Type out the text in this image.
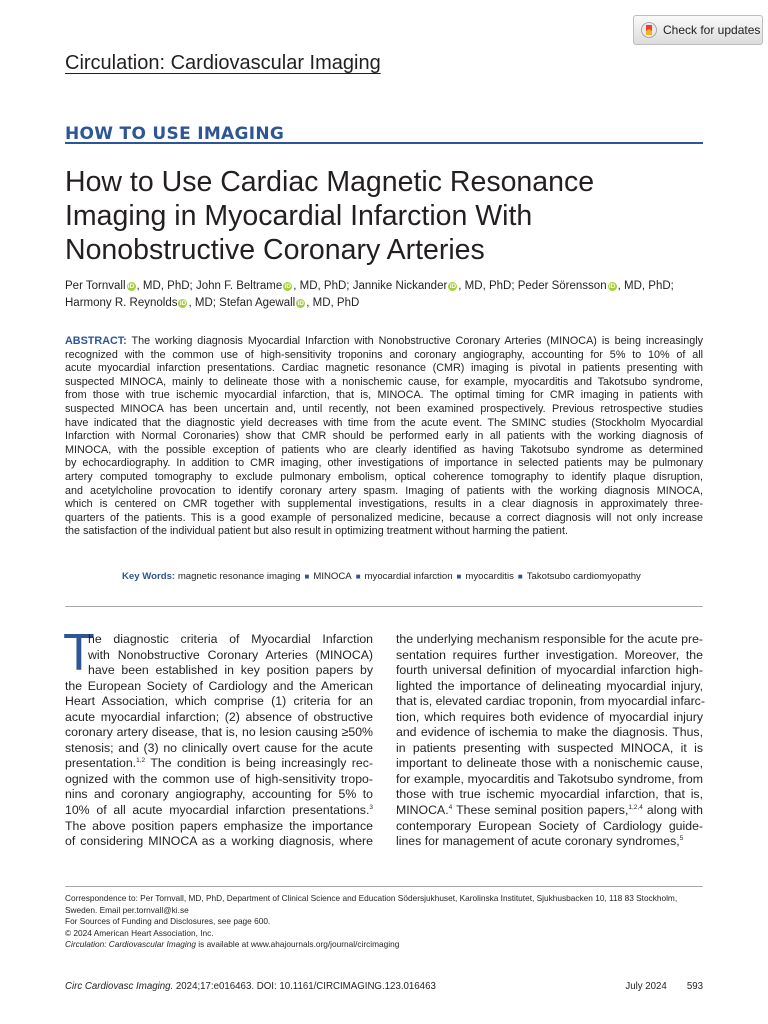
Check for updates
Circulation: Cardiovascular Imaging
HOW TO USE IMAGING
How to Use Cardiac Magnetic Resonance
Imaging in Myocardial Infarction With
Nonobstructive Coronary Arteries
Per Tornvall iD , MD, PhD; John F. Beltrame iD , MD, PhD; Jannike Nickander iD , MD, PhD; Peder Sörensson iD , MD, PhD;
Harmony R. Reynolds iD , MD; Stefan Agewall iD , MD, PhD
ABSTRACT: The working diagnosis Myocardial Infarction with Nonobstructive Coronary Arteries (MINOCA) is being increasingly
recognized with the common use of high-sensitivity troponins and coronary angiography, accounting for 5% to 10% of all
acute myocardial infarction presentations. Cardiac magnetic resonance (CMR) imaging is pivotal in patients presenting with
suspected MINOCA, mainly to delineate those with a nonischemic cause, for example, myocarditis and Takotsubo syndrome,
from those with true ischemic myocardial infarction, that is, MINOCA. The optimal timing for CMR imaging in patients with
suspected MINOCA has been uncertain and, until recently, not been examined prospectively. Previous retrospective studies
have indicated that the diagnostic yield decreases with time from the acute event. The SMINC studies (Stockholm Myocardial
Infarction with Normal Coronaries) show that CMR should be performed early in all patients with the working diagnosis of
MINOCA, with the possible exception of patients who are clearly identified as having Takotsubo syndrome as determined
by echocardiography. In addition to CMR imaging, other investigations of importance in selected patients may be pulmonary
artery computed tomography to exclude pulmonary embolism, optical coherence tomography to identify plaque disruption,
and acetylcholine provocation to identify coronary artery spasm. Imaging of patients with the working diagnosis MINOCA,
which is centered on CMR together with supplemental investigations, results in a clear diagnosis in approximately three-
quarters of the patients. This is a good example of personalized medicine, because a correct diagnosis will not only increase
the satisfaction of the individual patient but also result in optimizing treatment without harming the patient.
Key Words: magnetic resonance imaging ■ MINOCA ■ myocardial infarction ■ myocarditis ■ Takotsubo cardiomyopathy
T
he diagnostic criteria of Myocardial Infarction
with Nonobstructive Coronary Arteries (MINOCA)
have been established in key position papers by
the European Society of Cardiology and the American
Heart Association, which comprise (1) criteria for an
acute myocardial infarction; (2) absence of obstructive
coronary artery disease, that is, no lesion causing ≥50%
stenosis; and (3) no clinically overt cause for the acute
presentation.$^{1,2}$ The condition is being increasingly rec-
ognized with the common use of high-sensitivity tropo-
nins and coronary angiography, accounting for 5% to
10% of all acute myocardial infarction presentations.$^3$
The above position papers emphasize the importance
of considering MINOCA as a working diagnosis, where
the underlying mechanism responsible for the acute pre-
sentation requires further investigation. Moreover, the
fourth universal definition of myocardial infarction high-
lighted the importance of delineating myocardial injury,
that is, elevated cardiac troponin, from myocardial infarc-
tion, which requires both evidence of myocardial injury
and evidence of ischemia to make the diagnosis. Thus,
in patients presenting with suspected MINOCA, it is
important to delineate those with a nonischemic cause,
for example, myocarditis and Takotsubo syndrome, from
those with true ischemic myocardial infarction, that is,
MINOCA.$^4$ These seminal position papers,$^{1,2,4}$ along with
contemporary European Society of Cardiology guide-
lines for management of acute coronary syndromes,$^5$
Correspondence to: Per Tornvall, MD, PhD, Department of Clinical Science and Education Södersjukhuset, Karolinska Institutet, Sjukhusbacken 10, 118 83 Stockholm,
Sweden. Email per.tornvall@ki.se
For Sources of Funding and Disclosures, see page 600.
© 2024 American Heart Association, Inc.
Circulation: Cardiovascular Imaging is available at www.ahajournals.org/journal/circimaging
Circ Cardiovasc Imaging. 2024;17:e016463. DOI: 10.1161/CIRCIMAGING.123.016463	July 2024 593
